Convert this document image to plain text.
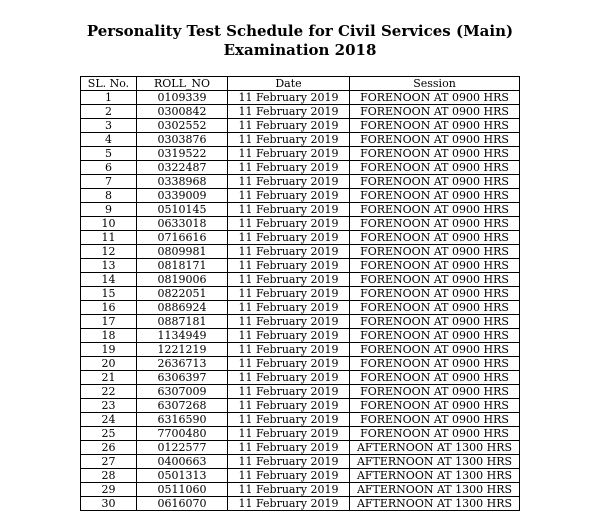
Personality Test Schedule for Civil Services (Main)
Examination 2018
SL. No.	ROLL_NO	Date	Session
1	0109339	11 February 2019	FORENOON AT 0900 HRS
2	0300842	11 February 2019	FORENOON AT 0900 HRS
3	0302552	11 February 2019	FORENOON AT 0900 HRS
4	0303876	11 February 2019	FORENOON AT 0900 HRS
5	0319522	11 February 2019	FORENOON AT 0900 HRS
6	0322487	11 February 2019	FORENOON AT 0900 HRS
7	0338968	11 February 2019	FORENOON AT 0900 HRS
8	0339009	11 February 2019	FORENOON AT 0900 HRS
9	0510145	11 February 2019	FORENOON AT 0900 HRS
10	0633018	11 February 2019	FORENOON AT 0900 HRS
11	0716616	11 February 2019	FORENOON AT 0900 HRS
12	0809981	11 February 2019	FORENOON AT 0900 HRS
13	0818171	11 February 2019	FORENOON AT 0900 HRS
14	0819006	11 February 2019	FORENOON AT 0900 HRS
15	0822051	11 February 2019	FORENOON AT 0900 HRS
16	0886924	11 February 2019	FORENOON AT 0900 HRS
17	0887181	11 February 2019	FORENOON AT 0900 HRS
18	1134949	11 February 2019	FORENOON AT 0900 HRS
19	1221219	11 February 2019	FORENOON AT 0900 HRS
20	2636713	11 February 2019	FORENOON AT 0900 HRS
21	6306397	11 February 2019	FORENOON AT 0900 HRS
22	6307009	11 February 2019	FORENOON AT 0900 HRS
23	6307268	11 February 2019	FORENOON AT 0900 HRS
24	6316590	11 February 2019	FORENOON AT 0900 HRS
25	7700480	11 February 2019	FORENOON AT 0900 HRS
26	0122577	11 February 2019	AFTERNOON AT 1300 HRS
27	0400663	11 February 2019	AFTERNOON AT 1300 HRS
28	0501313	11 February 2019	AFTERNOON AT 1300 HRS
29	0511060	11 February 2019	AFTERNOON AT 1300 HRS
30	0616070	11 February 2019	AFTERNOON AT 1300 HRS
